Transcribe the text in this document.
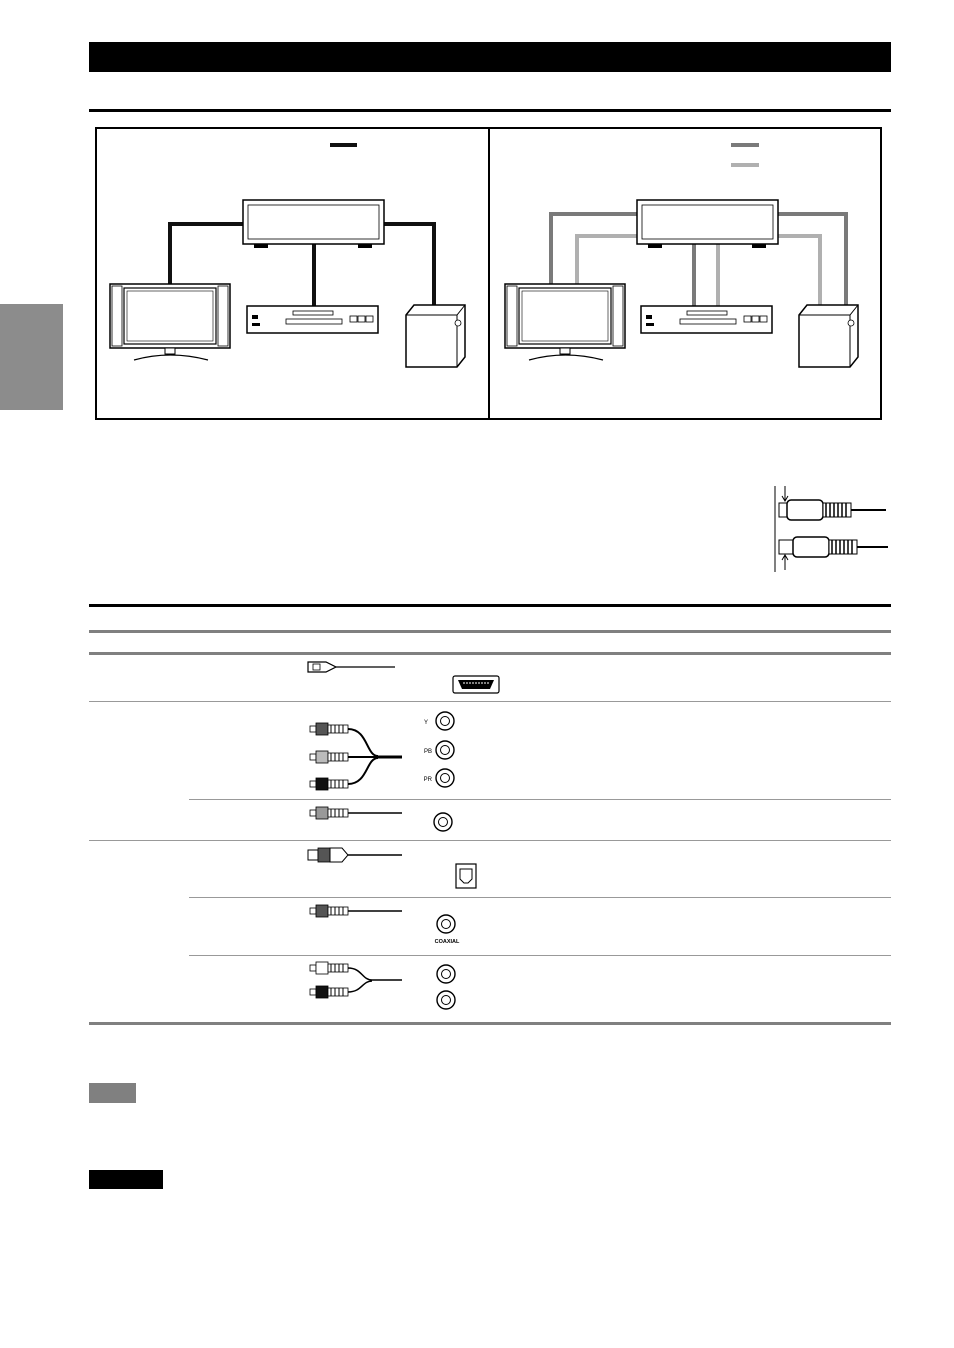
Y
PB
PR
COAXIAL
